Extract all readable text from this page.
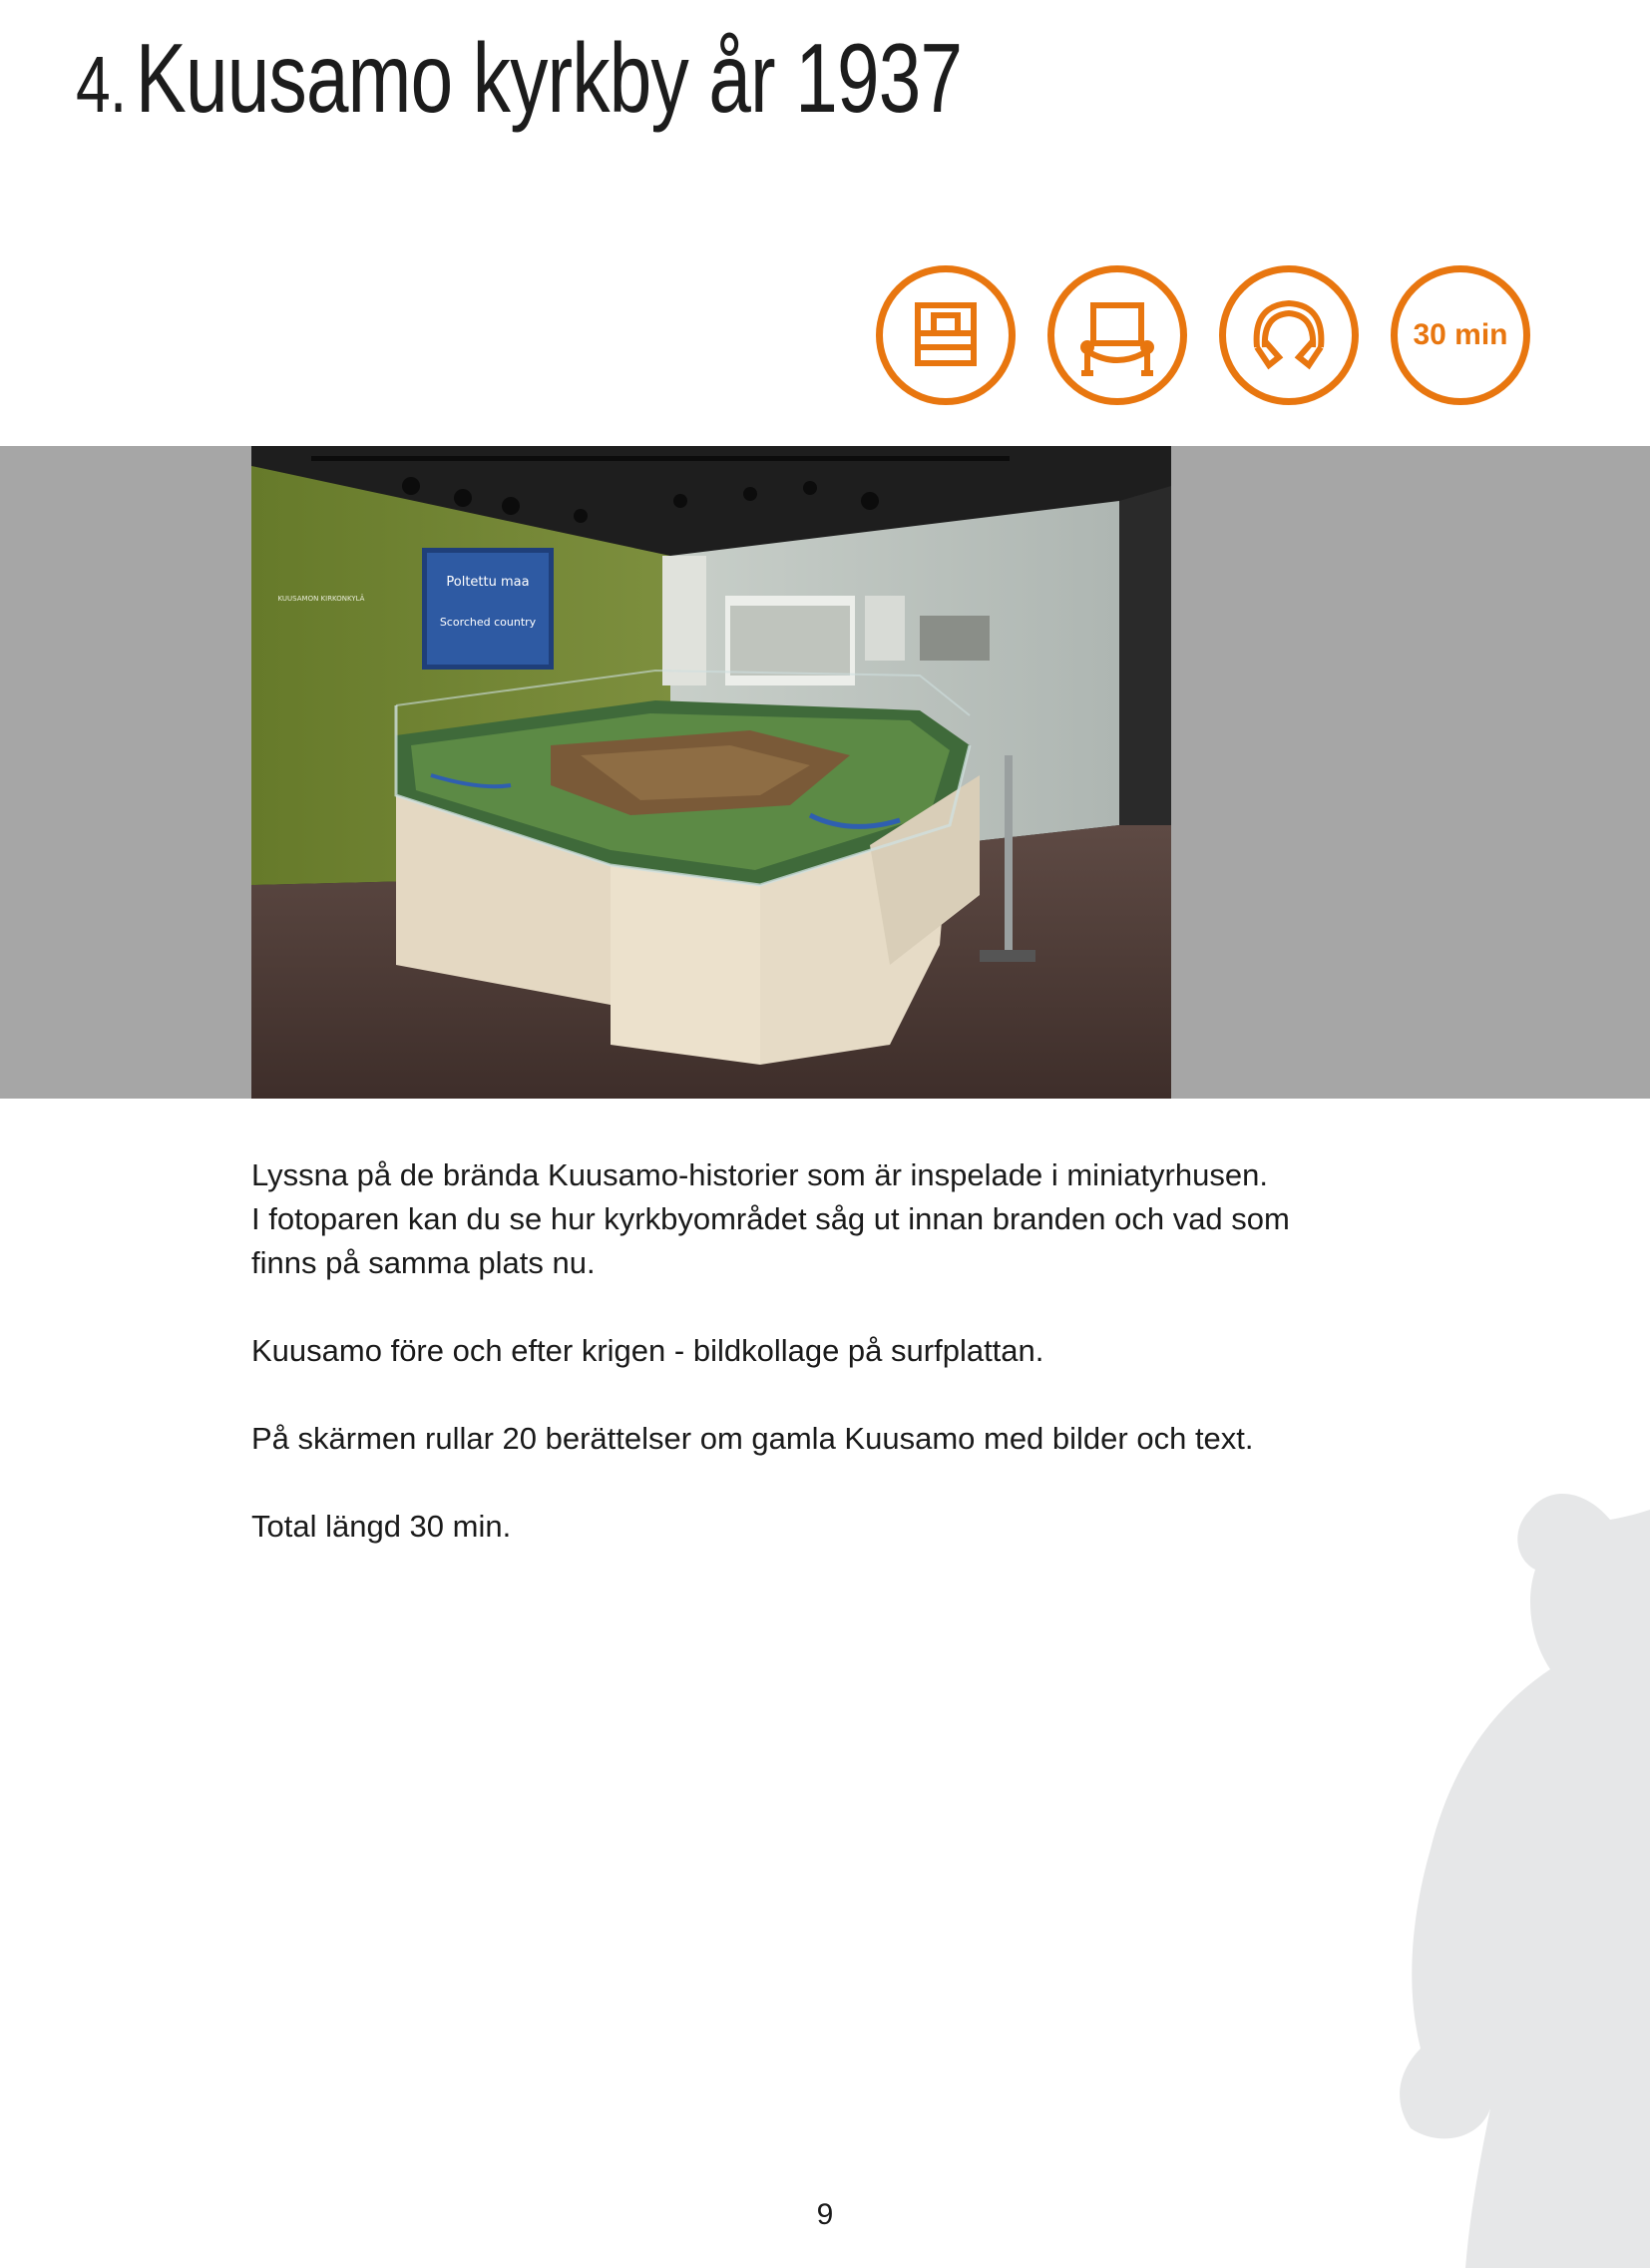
4.Kuusamo kyrkby år 1937
30 min
Poltettu maa
Scorched country
KUUSAMON KIRKONKYLÄ

Lyssna på de brända Kuusamo-historier som är inspelade i miniatyrhusen.
I fotoparen kan du se hur kyrkbyområdet såg ut innan branden och vad som
finns på samma plats nu.

Kuusamo före och efter krigen - bildkollage på surfplattan.

På skärmen rullar 20 berättelser om gamla Kuusamo med bilder och text.

Total längd 30 min.

9
